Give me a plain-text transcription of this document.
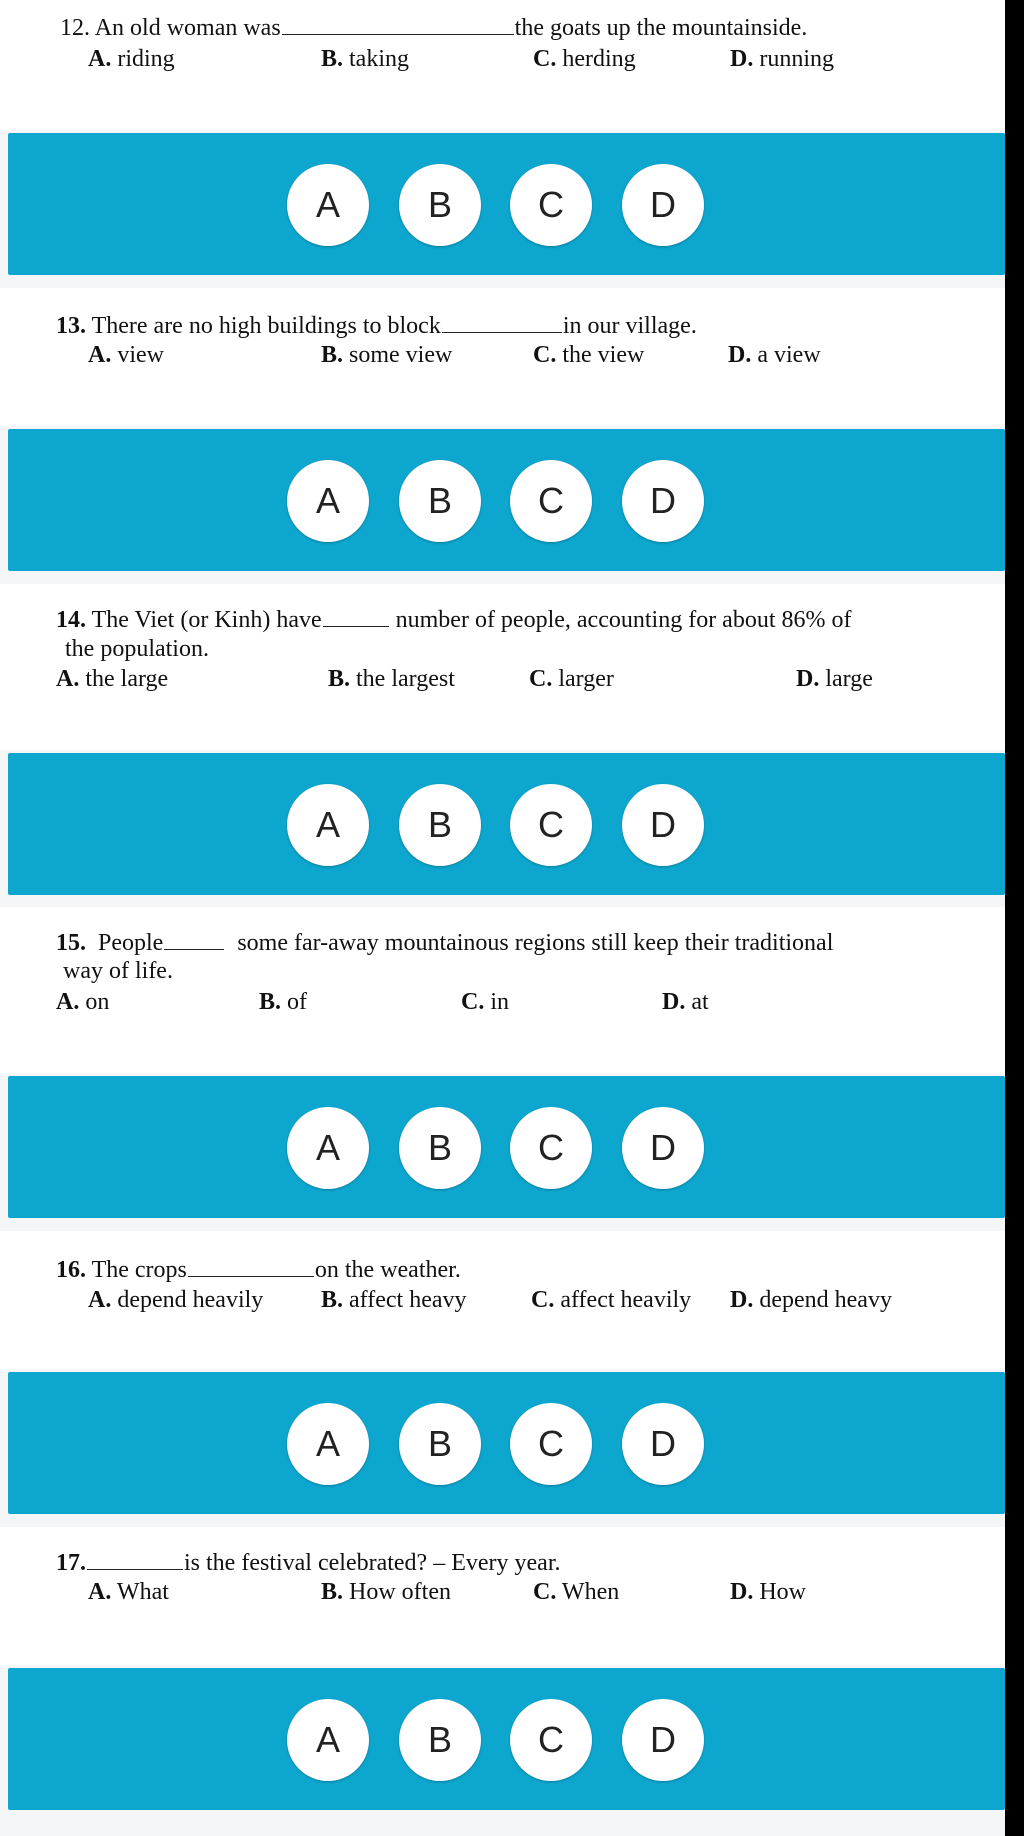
12. An old woman was	the goats up the mountainside.
A. riding	B. taking	C. herding	D. running
A	B	C	D
13. There are no high buildings to block	in our village.
A. view	B. some view	C. the view	D. a view
A	B	C	D
14. The Viet (or Kinh) have	number of people, accounting for about 86% of
the population.
A. the large	B. the largest	C. larger	D. large
A	B	C	D
15. People	some far-away mountainous regions still keep their traditional
way of life.
A. on	B. of	C. in	D. at
A	B	C	D
16. The crops	on the weather.
A. depend heavily B. affect heavy	C. affect heavily D. depend heavy
A	B	C	D
17.	is the festival celebrated? – Every year.
A. What	B. How often	C. When	D. How
A	B	C	D
